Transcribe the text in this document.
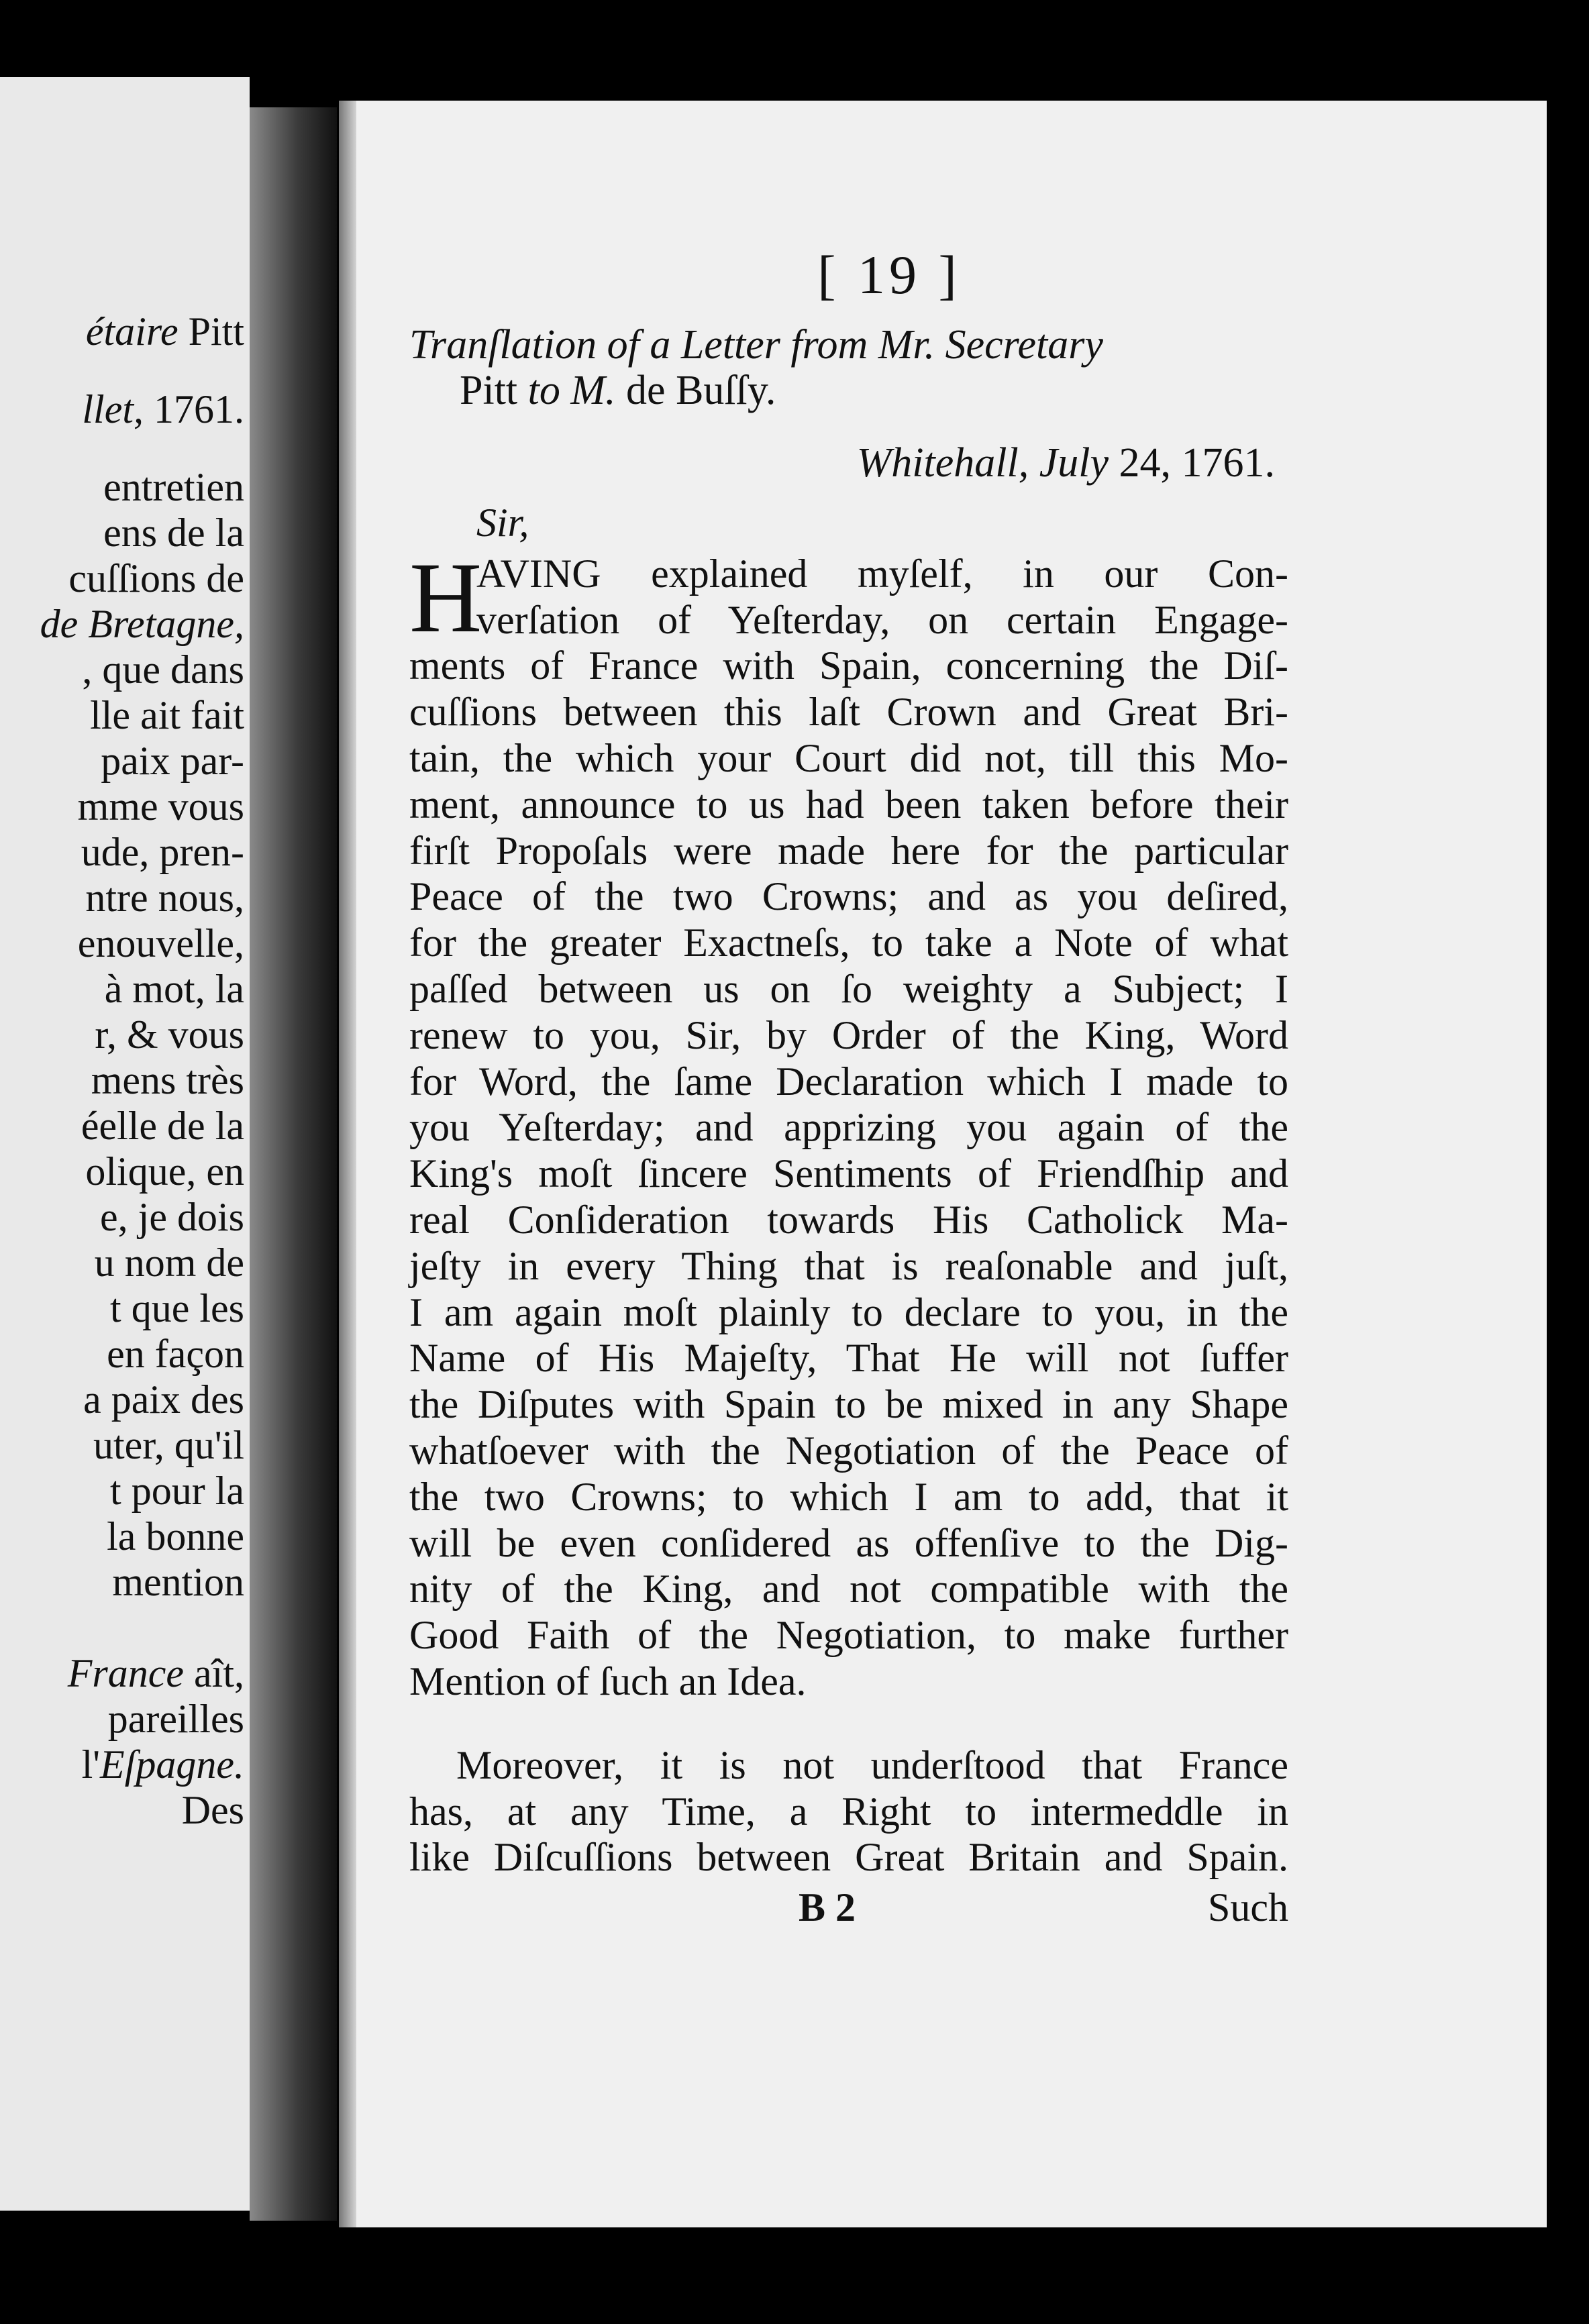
étaire Pitt
llet, 1761.
entretien
ens de la
cuſſions de
de Bretagne,
, que dans
lle ait fait
paix par-
mme vous
ude, pren-
ntre nous,
enouvelle,
à mot, la
r, & vous
mens très
éelle de la
olique, en
e, je dois
u nom de
t que les
en façon
a paix des
uter, qu'il
t pour la
la bonne
mention
France aît,
pareilles
l'Eſpagne.
Des
[ 19 ]
Tranſlation of a Letter from Mr. Secretary
Pitt to M. de Buſſy.
Whitehall, July 24, 1761.
Sir,
H
AVING explained myſelf, in our Con-
verſation of Yeſterday, on certain Engage-
ments of France with Spain, concerning the Diſ-
cuſſions between this laſt Crown and Great Bri-
tain, the which your Court did not, till this Mo-
ment, announce to us had been taken before their
firſt Propoſals were made here for the particular
Peace of the two Crowns; and as you deſired,
for the greater Exactneſs, to take a Note of what
paſſed between us on ſo weighty a Subject; I
renew to you, Sir, by Order of the King, Word
for Word, the ſame Declaration which I made to
you Yeſterday; and apprizing you again of the
King's moſt ſincere Sentiments of Friendſhip and
real Conſideration towards His Catholick Ma-
jeſty in every Thing that is reaſonable and juſt,
I am again moſt plainly to declare to you, in the
Name of His Majeſty, That He will not ſuffer
the Diſputes with Spain to be mixed in any Shape
whatſoever with the Negotiation of the Peace of
the two Crowns; to which I am to add, that it
will be even conſidered as offenſive to the Dig-
nity of the King, and not compatible with the
Good Faith of the Negotiation, to make further
Mention of ſuch an Idea.
Moreover, it is not underſtood that France
has, at any Time, a Right to intermeddle in
like Diſcuſſions between Great Britain and Spain.
B 2	Such
